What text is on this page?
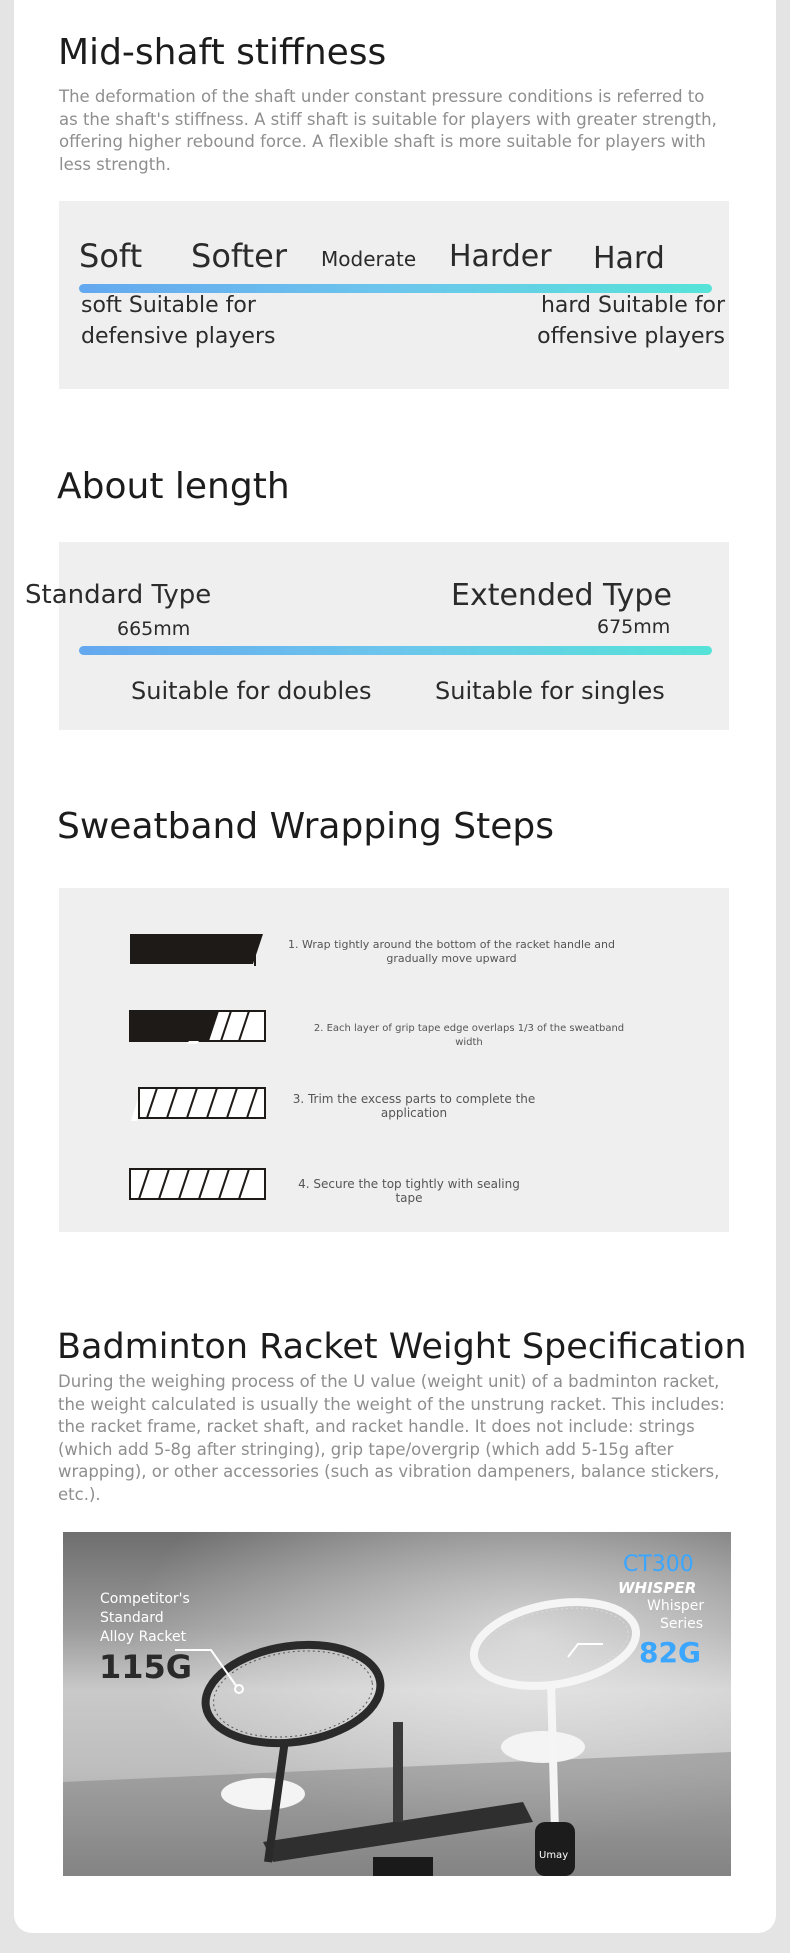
Mid-shaft stiffness
The deformation of the shaft under constant pressure conditions is referred to as the shaft's stiffness. A stiff shaft is suitable for players with greater strength, offering higher rebound force. A flexible shaft is more suitable for players with less strength.
Soft Softer Moderate Harder Hard
soft Suitable for
defensive players
hard Suitable for
offensive players
About length
Suitable for doubles	Suitable for singles
Standard Type
665mm
Extended Type
675mm
Sweatband Wrapping Steps
1. Wrap tightly around the bottom of the racket handle and gradually move upward
2. Each layer of grip tape edge overlaps 1/3 of the sweatband width
3. Trim the excess parts to complete the application
4. Secure the top tightly with sealing tape
Badminton Racket Weight Specification
During the weighing process of the U value (weight unit) of a badminton racket, the weight calculated is usually the weight of the unstrung racket. This includes: the racket frame, racket shaft, and racket handle. It does not include: strings (which add 5-8g after stringing), grip tape/overgrip (which add 5-15g after wrapping), or other accessories (such as vibration dampeners, balance stickers, etc.).
Competitor's
Standard
Alloy Racket
115G
CT300
WHISPER
Whisper
Series
82G
Umay
